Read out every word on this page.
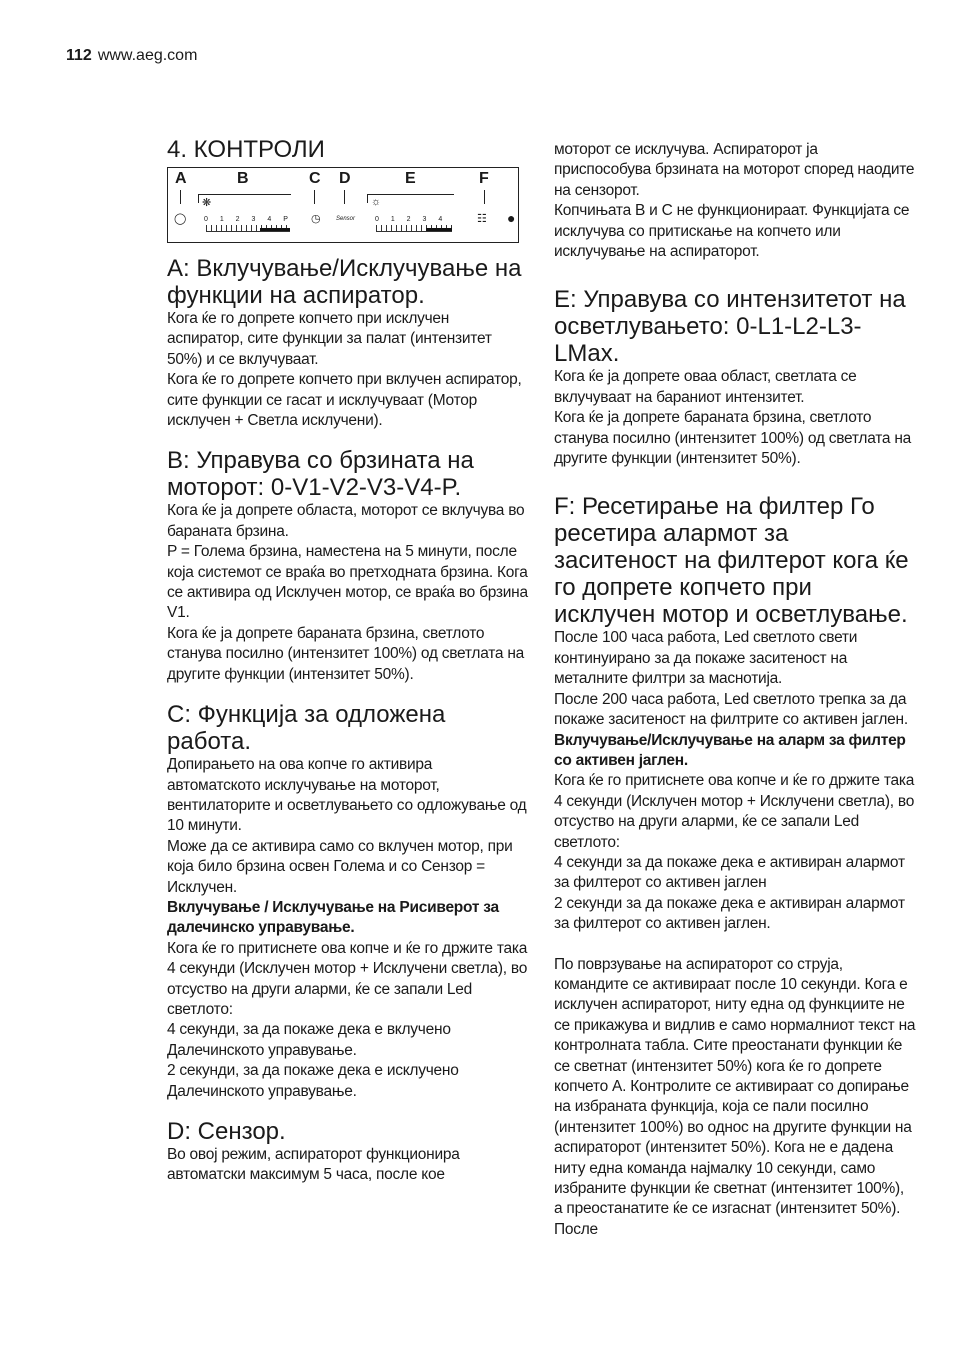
112 www.aeg.com
4. КОНТРОЛИ
A	B	C D	E	F
◯
❋
0 1 2 3 4 P ◷	Sensor
☼
0 1 2 3 4	☷ ●
A: Вклучување/Исклучување на функции на аспиратор.

Кога ќе го допрете копчето при исклучен аспиратор, сите функции за палат (интензитет 50%) и се вклучуваат.

Кога ќе го допрете копчето при вклучен аспиратор, сите функции се гасат и исклучуваат (Мотор исклучен + Светла исклучени).

B: Управува со брзината на моторот: 0-V1-V2-V3-V4-P.

Кога ќе ја допрете областа, моторот се вклучува во бараната брзина.

P = Голема брзина, наместена на 5 минути, после која системот се враќа во претходната брзина. Кога се активира од Исклучен мотор, се враќа во брзина V1.

Кога ќе ја допрете бараната брзина, светлото станува посилно (интензитет 100%) од светлата на другите функции (интензитет 50%).

C: Функција за одложена работа.

Допирањето на ова копче го активира автоматското исклучување на моторот, вентилаторите и осветлувањето со одложување од 10 минути.

Може да се активира само со вклучен мотор, при која било брзина освен Голема и со Сензор = Исклучен.

Вклучување / Исклучување на Рисиверот за далечинско управување.

Кога ќе го притиснете ова копче и ќе го држите така 4 секунди (Исклучен мотор + Исклучени светла), во отсуство на други аларми, ќе се запали Led светлото:

4 секунди, за да покаже дека е вклучено Далечинското управување.

2 секунди, за да покаже дека е исклучено Далечинското управување.

D: Сензор.

Во овој режим, аспираторот функционира автоматски максимум 5 часа, после кое

моторот се исклучува. Аспираторот ја приспособува брзината на моторот според наодите на сензорот.

Копчињата B и C не функционираат. Функцијата се исклучува со притискање на копчето или исклучување на аспираторот.

E: Управува со интензитетот на осветлувањето: 0-L1-L2-L3-LMax.

Кога ќе ја допрете оваа област, светлата се вклучуваат на бараниот интензитет.

Кога ќе ја допрете бараната брзина, светлото станува посилно (интензитет 100%) од светлата на другите функции (интензитет 50%).

F: Ресетирање на филтер Го ресетира алармот за заситеност на филтерот кога ќе го допрете копчето при исклучен мотор и осветлување.

После 100 часа работа, Led светлото свети континуирано за да покаже заситеност на металните филтри за маснотија.

После 200 часа работа, Led светлото трепка за да покаже заситеност на филтрите со активен јаглен.

Вклучување/Исклучување на аларм за филтер со активен јаглен.

Кога ќе го притиснете ова копче и ќе го држите така 4 секунди (Исклучен мотор + Исклучени светла), во отсуство на други аларми, ќе се запали Led светлото:

4 секунди за да покаже дека е активиран алармот за филтерот со активен јаглен

2 секунди за да покаже дека е активиран алармот за филтерот со активен јаглен.

По поврзување на аспираторот со струја, командите се активираат после 10 секунди. Кога е исклучен аспираторот, ниту една од функциите не се прикажува и видлив е само нормалниот текст на контролната табла. Сите преостанати функции ќе се светнат (интензитет 50%) кога ќе го допрете копчето A. Контролите се активираат со допирање на избраната функција, која се пали посилно (интензитет 100%) во однос на другите функции на аспираторот (интензитет 50%). Кога не е дадена ниту една команда најмалку 10 секунди, само избраните функции ќе светнат (интензитет 100%), а преостанатите ќе се изгаснат (интензитет 50%). После
